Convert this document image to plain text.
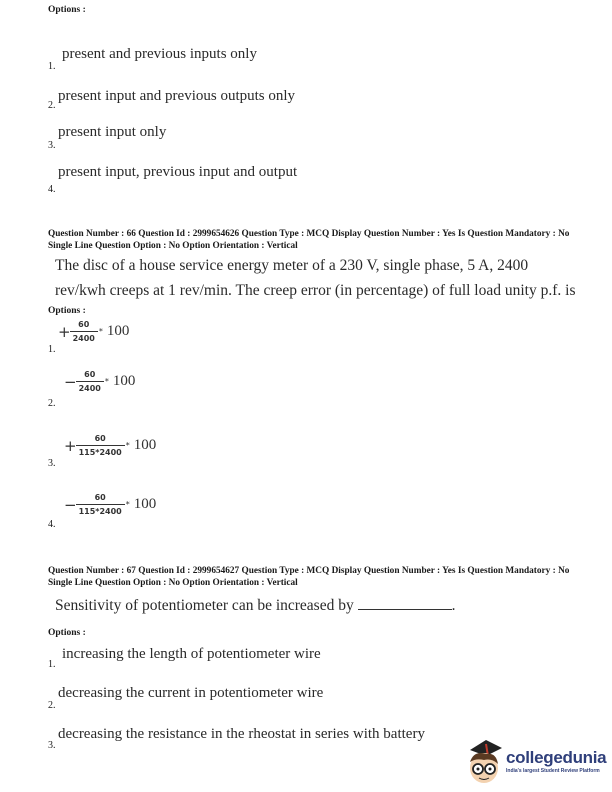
Options :
present and previous inputs only
1.
present input and previous outputs only
2.
present input only
3.
present input, previous input and output
4.
Question Number : 66 Question Id : 2999654626 Question Type : MCQ Display Question Number : Yes Is Question Mandatory : No Single Line Question Option : No Option Orientation : Vertical
The disc of a house service energy meter of a 230 V, single phase, 5 A, 2400
rev/kwh creeps at 1 rev/min. The creep error (in percentage) of full load unity p.f. is
Options :
+ $\frac{60}{2400} * 100$
1.
− $\frac{60}{2400} * 100$
2.
+ $\frac{60}{115*2400} * 100$
3.
− $\frac{60}{115*2400} * 100$
4.
Question Number : 67 Question Id : 2999654627 Question Type : MCQ Display Question Number : Yes Is Question Mandatory : No Single Line Question Option : No Option Orientation : Vertical
Sensitivity of potentiometer can be increased by	.
Options :
increasing the length of potentiometer wire
1.
decreasing the current in potentiometer wire
2.
decreasing the resistance in the rheostat in series with battery
3.
collegedunia
India's largest Student Review Platform
